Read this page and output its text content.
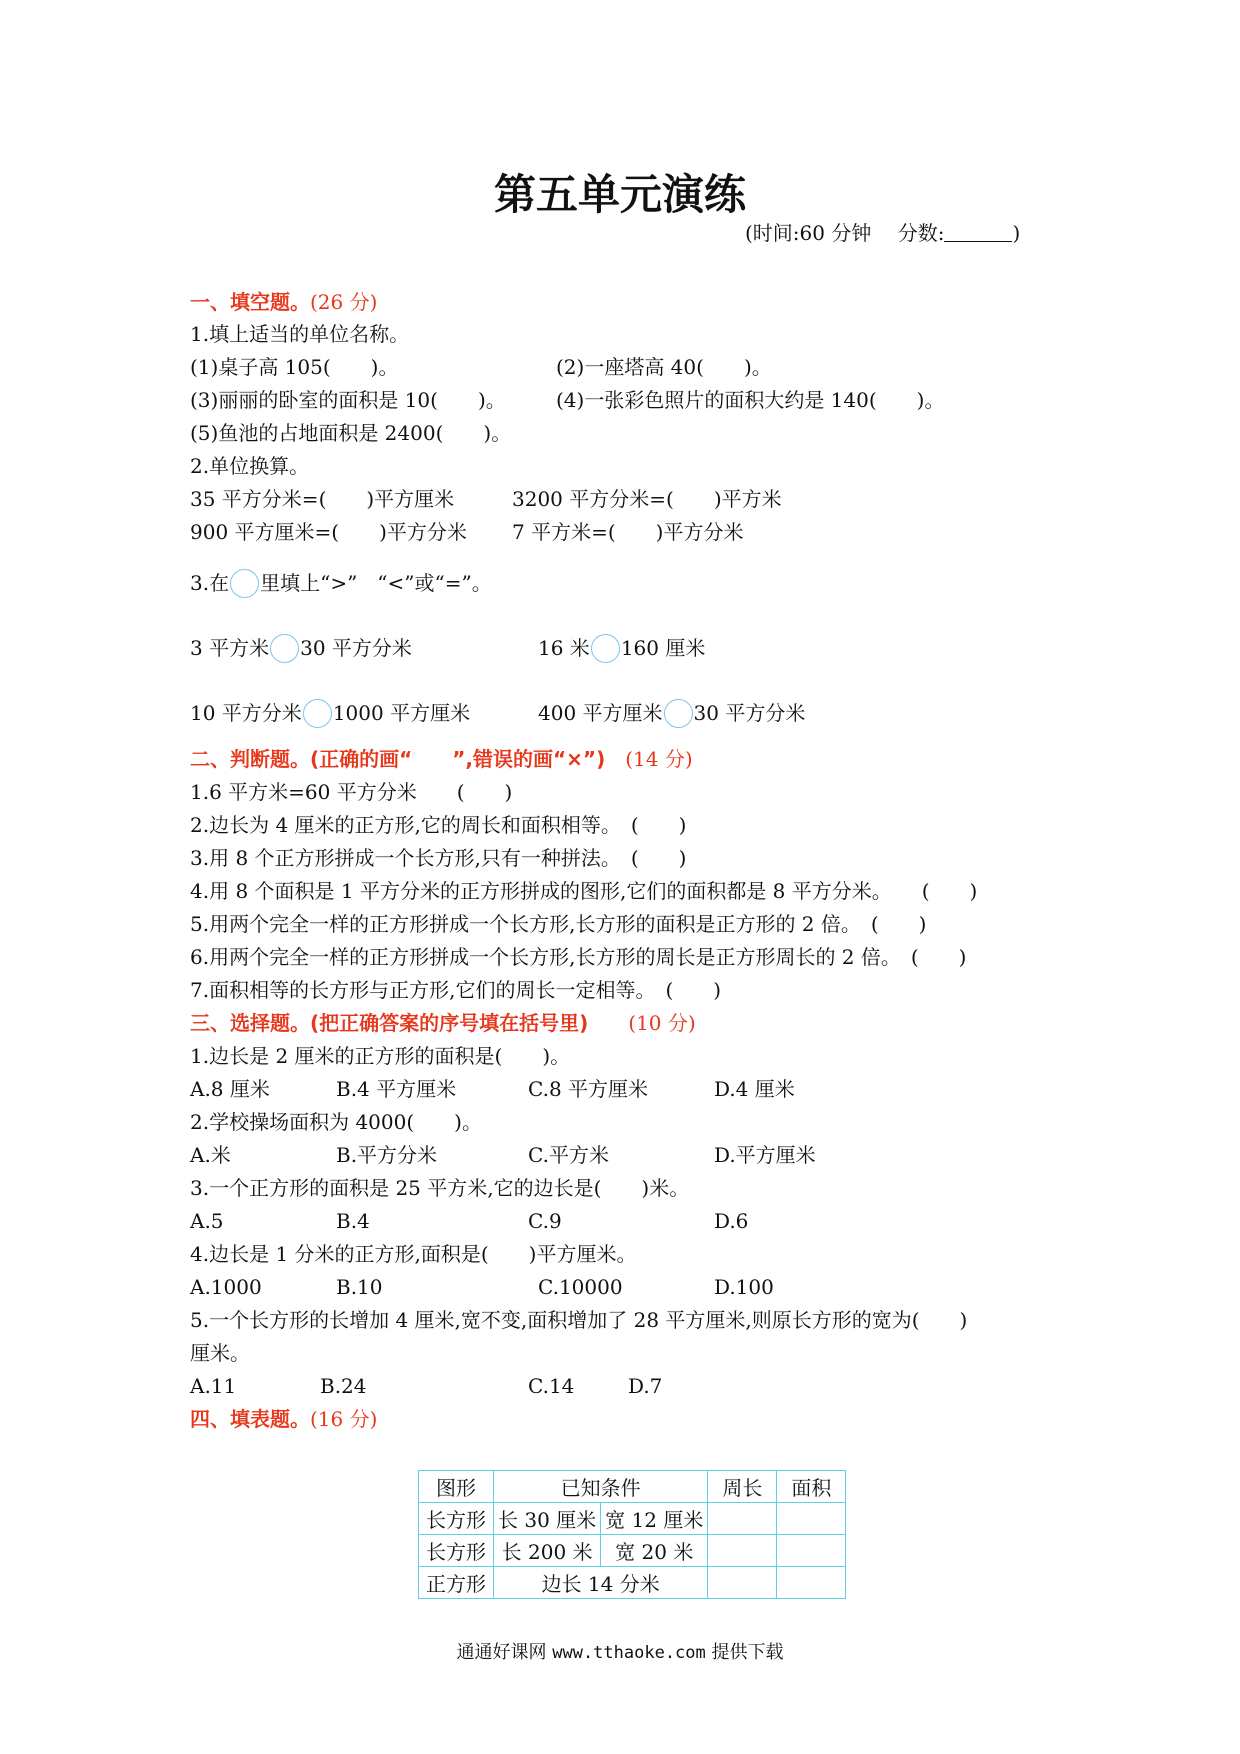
第五单元演练
(时间:60 分钟　 分数:	)
一、填空题。(26 分)
1.填上适当的单位名称。
(1)桌子高 105(　　)。	(2)一座塔高 40(　　)。
(3)丽丽的卧室的面积是 10(　　)。	(4)一张彩色照片的面积大约是 140(　　)。
(5)鱼池的占地面积是 2400(　　)。
2.单位换算。
35 平方分米=(　　)平方厘米	3200 平方分米=(　　)平方米
900 平方厘米=(　　)平方分米 7 平方米=(　　)平方分米
3.在 里填上“>”　“<”或“=”。
3 平方米 30 平方分米	16 米 160 厘米
10 平方分米 1000 平方厘米	400 平方厘米 30 平方分米
二、判断题。(正确的画“　　”,错误的画“×”)　 (14 分)
1.6 平方米=60 平方分米　　(　　)
2.边长为 4 厘米的正方形,它的周长和面积相等。　(　　)
3.用 8 个正方形拼成一个长方形,只有一种拼法。　(　　)
4.用 8 个面积是 1 平方分米的正方形拼成的图形,它们的面积都是 8 平方分米。　　(　　)
5.用两个完全一样的正方形拼成一个长方形,长方形的面积是正方形的 2 倍。　(　　)
6.用两个完全一样的正方形拼成一个长方形,长方形的周长是正方形周长的 2 倍。　(　　)
7.面积相等的长方形与正方形,它们的周长一定相等。　(　　)
三、选择题。(把正确答案的序号填在括号里)　　 (10 分)
1.边长是 2 厘米的正方形的面积是(　　)。
A.8 厘米	B.4 平方厘米	C.8 平方厘米	D.4 厘米
2.学校操场面积为 4000(　　)。
A.米	B.平方分米	C.平方米	D.平方厘米
3.一个正方形的面积是 25 平方米,它的边长是(　　)米。
A.5	B.4	C.9	D.6
4.边长是 1 分米的正方形,面积是(　　)平方厘米。
A.1000	B.10	C.10000	D.100
5.一个长方形的长增加 4 厘米,宽不变,面积增加了 28 平方厘米,则原长方形的宽为(　　)
厘米。
A.11	B.24	C.14	D.7
四、填表题。(16 分)
图形	已知条件		周长	面积
长方形	长 30 厘米	宽 12 厘米		
长方形	长 200 米	宽 20 米		
正方形	边长 14 分米			
通通好课网 www.tthaoke.com 提供下载
